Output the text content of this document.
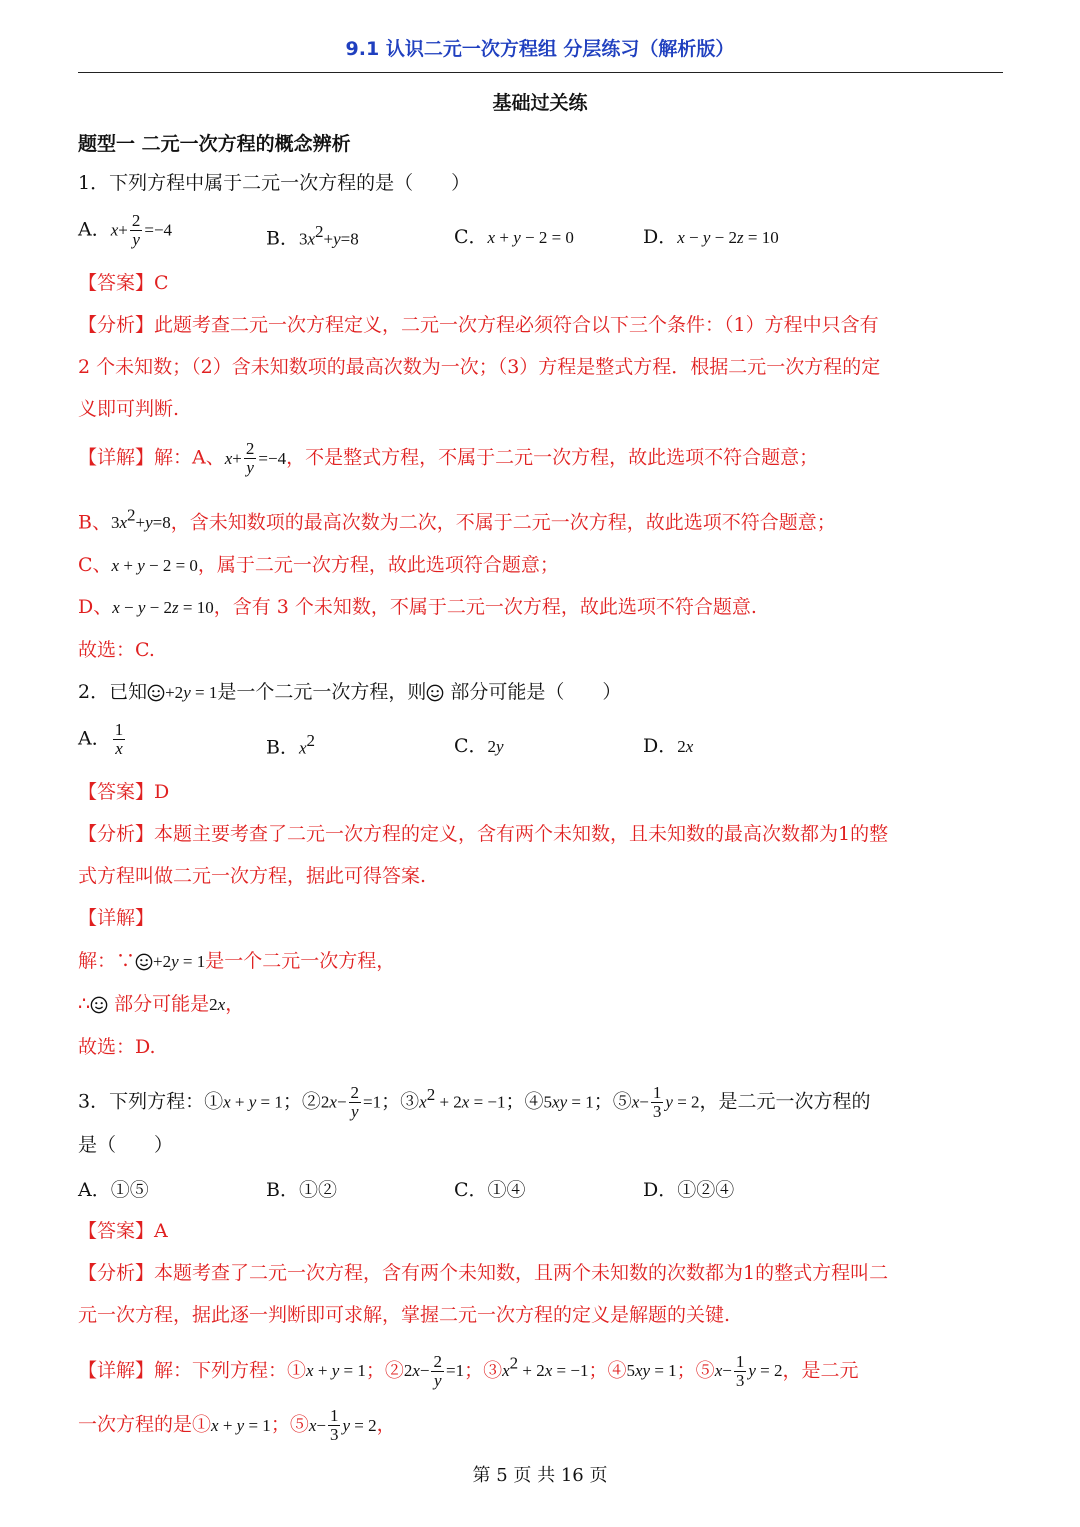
9.1 认识二元一次方程组 分层练习（解析版）
基础过关练
题型一 二元一次方程的概念辨析
1．下列方程中属于二元一次方程的是（　　）
A．$x+ \frac{2}{y} =-4$	B．$3x^2+y=8$	C．x + y − 2 = 0	D．x − y − 2z = 10
【答案】C
【分析】此题考查二元一次方程定义，二元一次方程必须符合以下三个条件：（1）方程中只含有
2 个未知数；（2）含未知数项的最高次数为一次；（3）方程是整式方程．根据二元一次方程的定
义即可判断.
【详解】解：A、$x+ \frac{2}{y} =-4$，不是整式方程，不属于二元一次方程，故此选项不符合题意；
B、$3x^2+y=8$，含未知数项的最高次数为二次，不属于二元一次方程，故此选项不符合题意；
C、x + y − 2 = 0，属于二元一次方程，故此选项符合题意；
D、x − y − 2z = 10，含有 3 个未知数，不属于二元一次方程，故此选项不符合题意.
故选：C.
2．已知 +2y = 1是一个二元一次方程，则 部分可能是（　　）
A． $\frac{1}{x}$	B．$x^2$	C．2y	D．2x
【答案】D
【分析】本题主要考查了二元一次方程的定义，含有两个未知数，且未知数的最高次数都为1的整
式方程叫做二元一次方程，据此可得答案.
【详解】
解：∵ +2y = 1是一个二元一次方程，
∴ 部分可能是2x，
故选：D.
3．下列方程：①x + y = 1；②2x− $\frac{2}{y} =1$；$③x^2 + 2x = -1$；④5xy = 1；⑤x− $\frac{1}{3}$ y = 2，是二元一次方程的
是（　　）
A．①⑤	B．①②	C．①④	D．①②④
【答案】A
【分析】本题考查了二元一次方程，含有两个未知数，且两个未知数的次数都为1的整式方程叫二
元一次方程，据此逐一判断即可求解，掌握二元一次方程的定义是解题的关键.
【详解】解：下列方程：①x + y = 1；②2x− $\frac{2}{y} =1$；$③x^2 + 2x = -1$；④5xy = 1；⑤x− $\frac{1}{3}$ y = 2，是二元
一次方程的是①x + y = 1；⑤x− $\frac{1}{3}$ y = 2，
第 5 页 共 16 页
